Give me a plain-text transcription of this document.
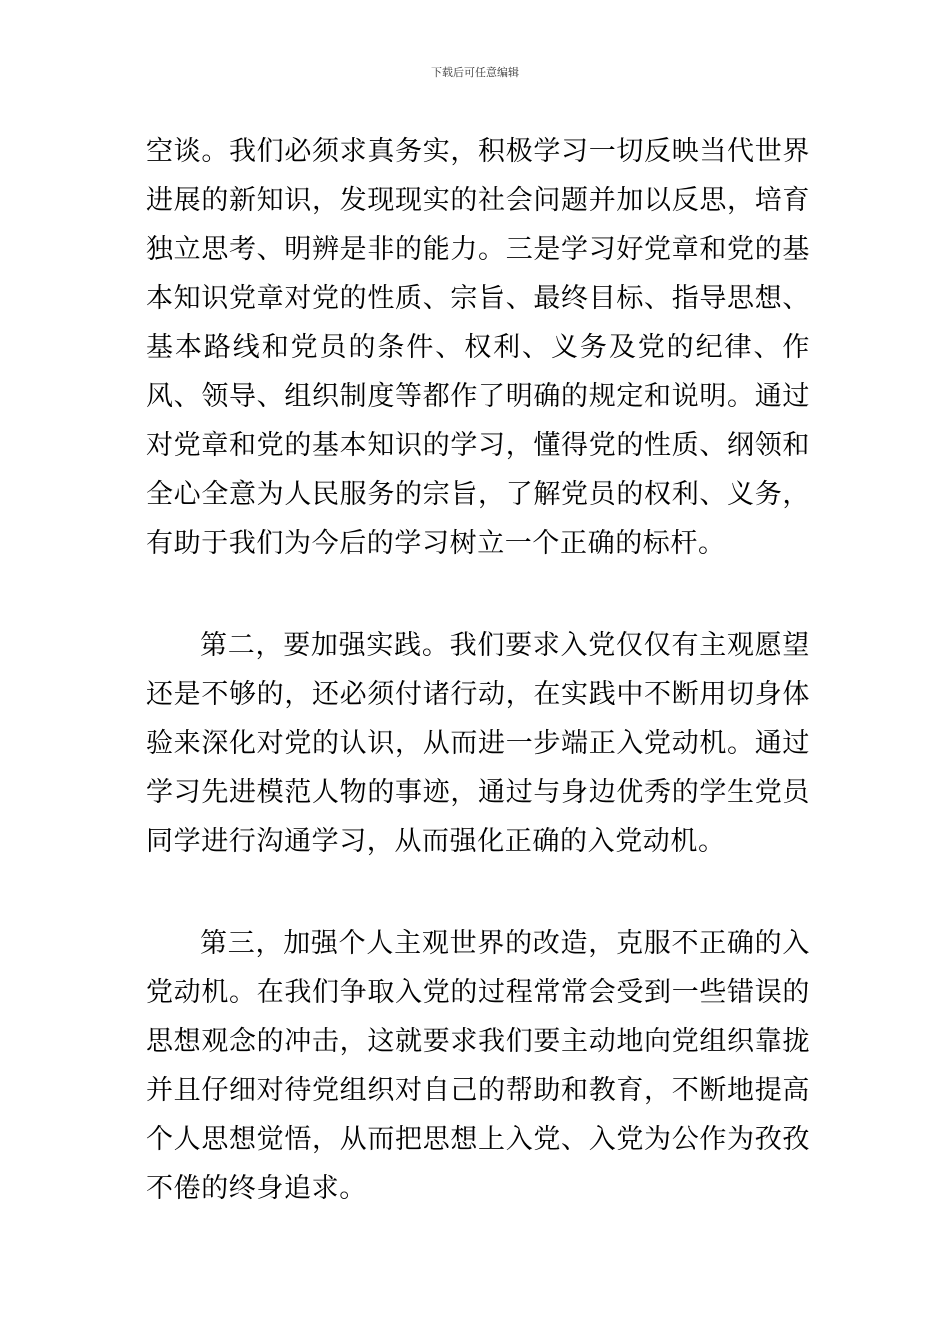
下载后可任意编辑

空谈。我们必须求真务实，积极学习一切反映当代世界进展的新知识，发现现实的社会问题并加以反思，培育独立思考、明辨是非的能力。三是学习好党章和党的基本知识党章对党的性质、宗旨、最终目标、指导思想、基本路线和党员的条件、权利、义务及党的纪律、作风、领导、组织制度等都作了明确的规定和说明。通过对党章和党的基本知识的学习，懂得党的性质、纲领和全心全意为人民服务的宗旨，了解党员的权利、义务，有助于我们为今后的学习树立一个正确的标杆。

第二，要加强实践。我们要求入党仅仅有主观愿望还是不够的，还必须付诸行动，在实践中不断用切身体验来深化对党的认识，从而进一步端正入党动机。通过学习先进模范人物的事迹，通过与身边优秀的学生党员同学进行沟通学习，从而强化正确的入党动机。

第三，加强个人主观世界的改造，克服不正确的入党动机。在我们争取入党的过程常常会受到一些错误的思想观念的冲击，这就要求我们要主动地向党组织靠拢并且仔细对待党组织对自己的帮助和教育，不断地提高个人思想觉悟，从而把思想上入党、入党为公作为孜孜不倦的终身追求。
